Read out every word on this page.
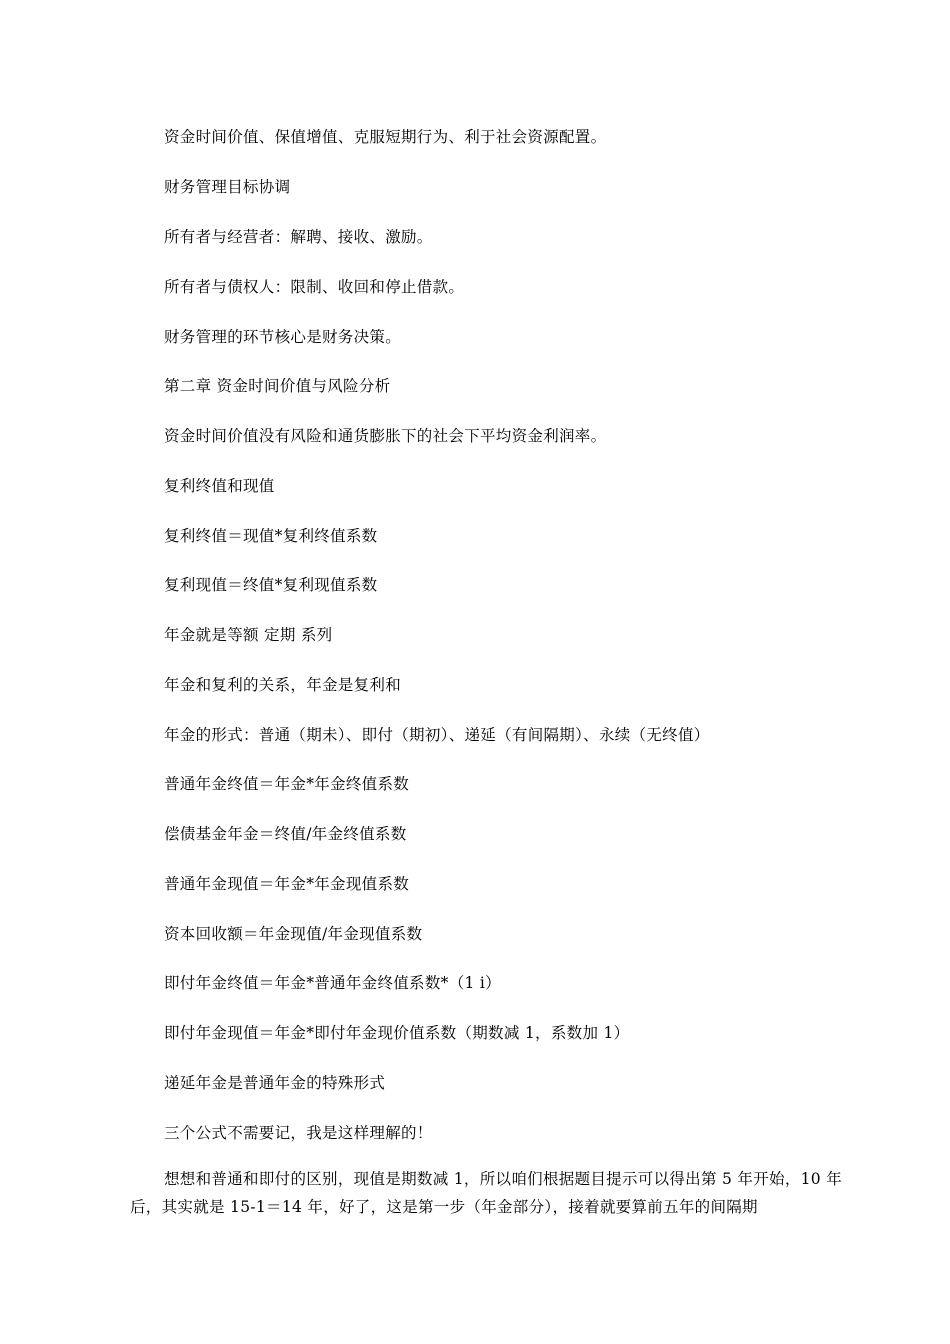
资金时间价值、保值增值、克服短期行为、利于社会资源配置。
财务管理目标协调
所有者与经营者：解聘、接收、激励。
所有者与债权人：限制、收回和停止借款。
财务管理的环节核心是财务决策。
第二章 资金时间价值与风险分析
资金时间价值没有风险和通货膨胀下的社会下平均资金利润率。
复利终值和现值
复利终值＝现值*复利终值系数
复利现值＝终值*复利现值系数
年金就是等额 定期 系列
年金和复利的关系，年金是复利和
年金的形式：普通（期未）、即付（期初）、递延（有间隔期）、永续（无终值）
普通年金终值＝年金*年金终值系数
偿债基金年金＝终值/年金终值系数
普通年金现值＝年金*年金现值系数
资本回收额＝年金现值/年金现值系数
即付年金终值＝年金*普通年金终值系数*（1 i）
即付年金现值＝年金*即付年金现价值系数（期数减 1，系数加 1）
递延年金是普通年金的特殊形式
三个公式不需要记，我是这样理解的！
想想和普通和即付的区别，现值是期数减 1，所以咱们根据题目提示可以得出第 5 年开始，10 年后，其实就是 15-1＝14 年，好了，这是第一步（年金部分），接着就要算前五年的间隔期
